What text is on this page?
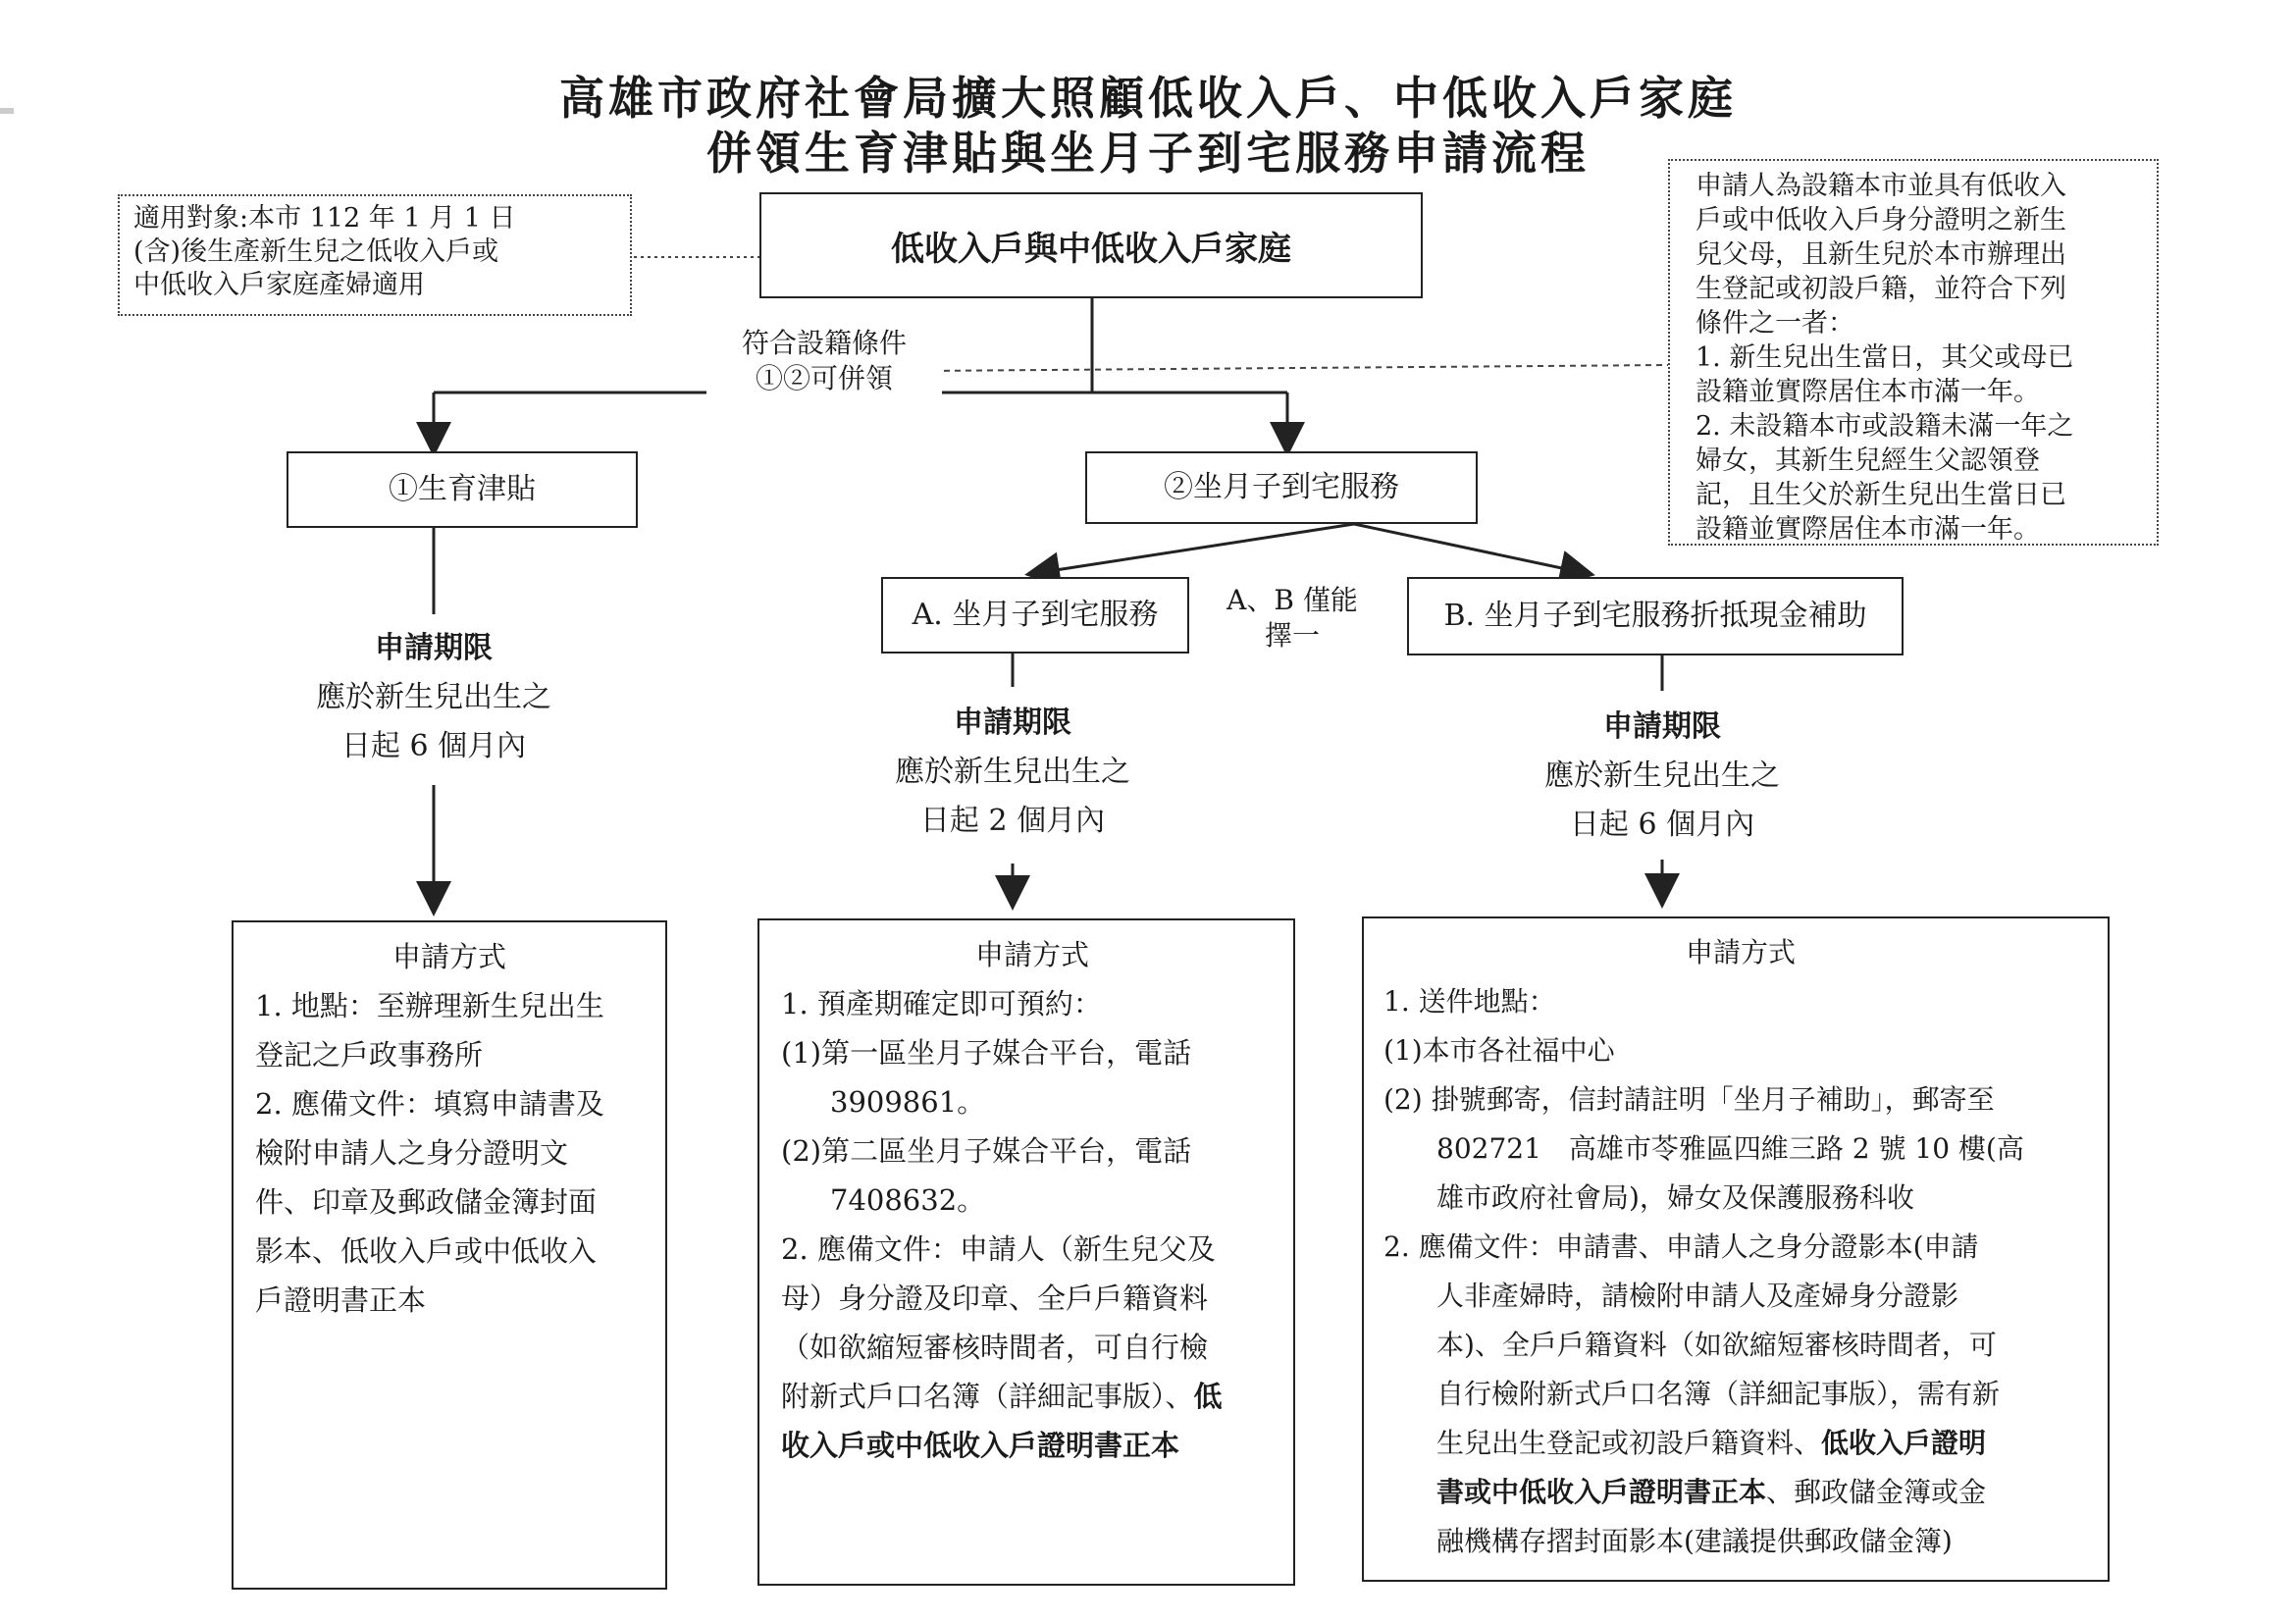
高雄市政府社會局擴大照顧低收入戶、中低收入戶家庭
併領生育津貼與坐月子到宅服務申請流程
適用對象:本市 112 年 1 月 1 日
(含)後生產新生兒之低收入戶或
中低收入戶家庭產婦適用
低收入戶與中低收入戶家庭
符合設籍條件
①②可併領
申請人為設籍本市並具有低收入
戶或中低收入戶身分證明之新生
兒父母，且新生兒於本市辦理出
生登記或初設戶籍，並符合下列
條件之一者：
1. 新生兒出生當日，其父或母已
設籍並實際居住本市滿一年。
2. 未設籍本市或設籍未滿一年之
婦女，其新生兒經生父認領登
記，且生父於新生兒出生當日已
設籍並實際居住本市滿一年。
①生育津貼	②坐月子到宅服務
A. 坐月子到宅服務	A、B 僅能
擇一
B. 坐月子到宅服務折抵現金補助
申請期限
應於新生兒出生之
日起 6 個月內
申請期限
應於新生兒出生之
日起 2 個月內
申請期限
應於新生兒出生之
日起 6 個月內
申請方式
1. 地點：至辦理新生兒出生
登記之戶政事務所
2. 應備文件：填寫申請書及
檢附申請人之身分證明文
件、印章及郵政儲金簿封面
影本、低收入戶或中低收入
戶證明書正本
申請方式
1. 預產期確定即可預約：
(1)第一區坐月子媒合平台，電話
3909861。
(2)第二區坐月子媒合平台，電話
7408632。
2. 應備文件：申請人（新生兒父及
母）身分證及印章、全戶戶籍資料
（如欲縮短審核時間者，可自行檢
附新式戶口名簿（詳細記事版）、低
收入戶或中低收入戶證明書正本
申請方式
1. 送件地點：
(1)本市各社福中心
(2) 掛號郵寄，信封請註明「坐月子補助」，郵寄至
802721　高雄市苓雅區四維三路 2 號 10 樓(高
雄市政府社會局)，婦女及保護服務科收
2. 應備文件：申請書、申請人之身分證影本(申請
人非產婦時，請檢附申請人及產婦身分證影
本)、全戶戶籍資料（如欲縮短審核時間者，可
自行檢附新式戶口名簿（詳細記事版），需有新
生兒出生登記或初設戶籍資料、低收入戶證明
書或中低收入戶證明書正本、郵政儲金簿或金
融機構存摺封面影本(建議提供郵政儲金簿)
